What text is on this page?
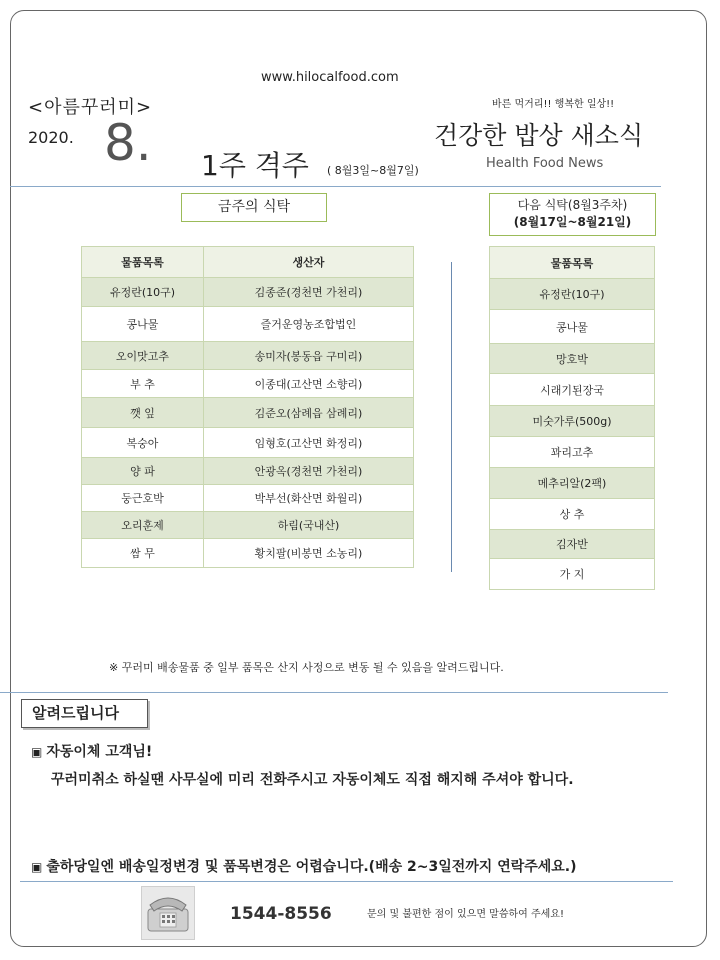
www.hilocalfood.com
<아름꾸러미>
2020. 8. 1주 격주 ( 8월3일~8월7일)
바른 먹거리!! 행복한 일상!!
건강한 밥상 새소식
Health Food News
금주의 식탁	다음 식탁(8월3주차)
(8월17일~8월21일)
물품목록	생산자
유정란(10구)	김종준(경천면 가천리)
콩나물	즐거운영농조합법인
오이맛고추	송미자(봉동읍 구미리)
부 추	이종대(고산면 소향리)
깻 잎	김준오(삼례읍 삼례리)
복숭아	임형호(고산면 화정리)
양 파	안광옥(경천면 가천리)
둥근호박	박부선(화산면 화월리)
오리훈제	하림(국내산)
쌈 무	황치팔(비봉면 소농리)
물품목록
유정란(10구)
콩나물
망호박
시래기된장국
미숫가루(500g)
꽈리고추
메추리알(2팩)
상 추
김자반
가 지
※ 꾸러미 배송물품 중 일부 품목은 산지 사정으로 변동 될 수 있음을 알려드립니다.
알려드립니다
▣ 자동이체 고객님!
꾸러미취소 하실땐 사무실에 미리 전화주시고 자동이체도 직접 해지해 주셔야 합니다.
▣ 출하당일엔 배송일정변경 및 품목변경은 어렵습니다.(배송 2~3일전까지 연락주세요.)
1544-8556	문의 및 불편한 점이 있으면 말씀하여 주세요!
